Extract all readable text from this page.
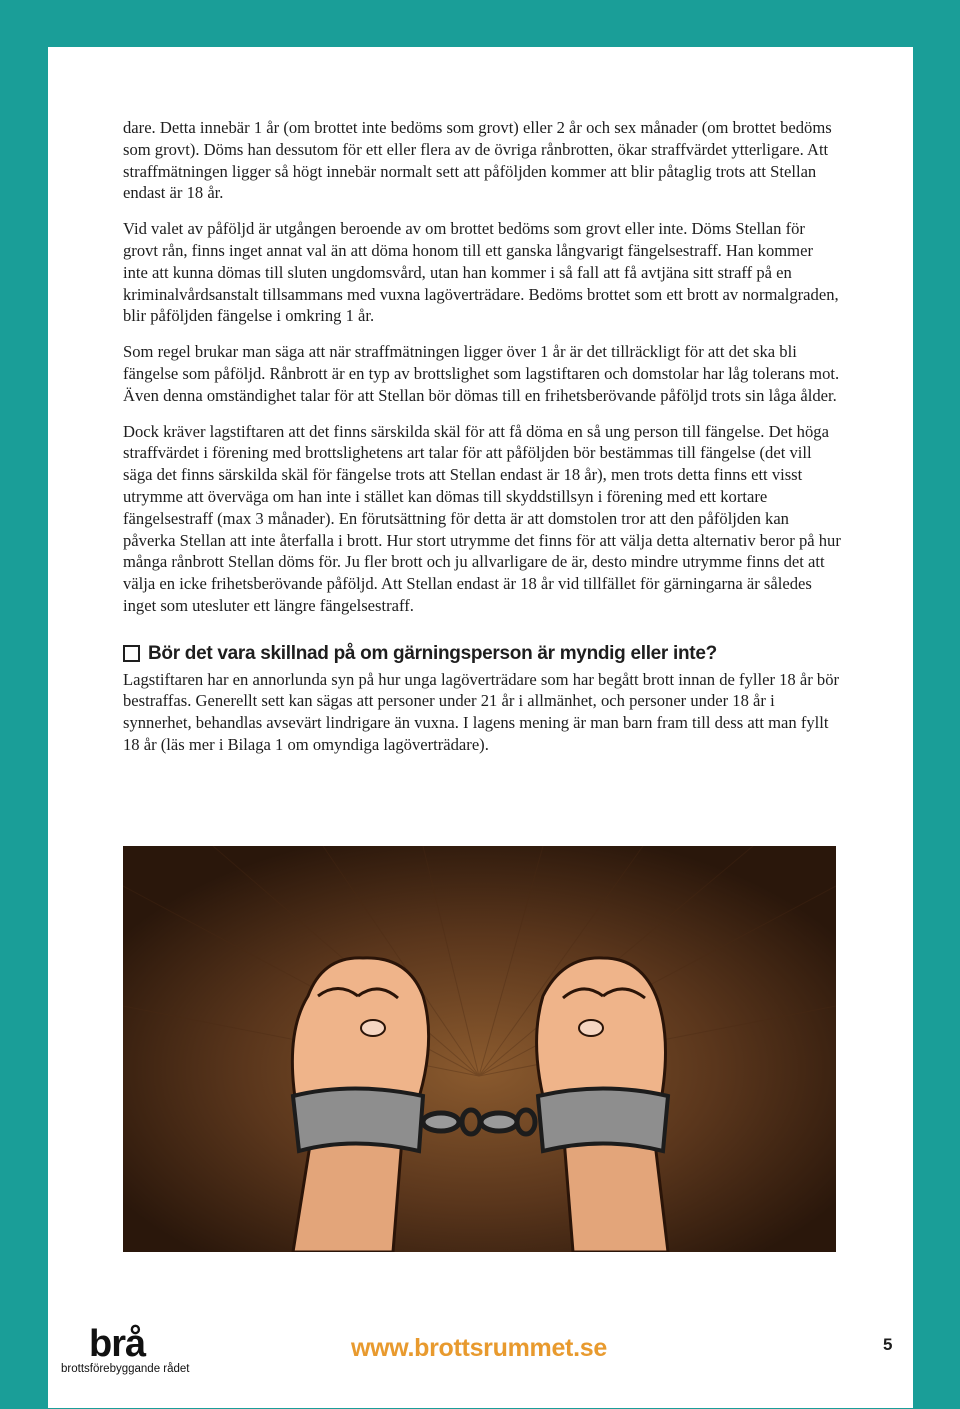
dare. Detta innebär 1 år (om brottet inte bedöms som grovt) eller 2 år och sex månader (om brottet bedöms som grovt). Döms han dessutom för ett eller flera av de övriga rånbrotten, ökar straffvärdet ytterligare. Att straffmätningen ligger så högt innebär normalt sett att påföljden kommer att blir påtaglig trots att Stellan endast är 18 år.

Vid valet av påföljd är utgången beroende av om brottet bedöms som grovt eller inte. Döms Stellan för grovt rån, finns inget annat val än att döma honom till ett ganska långvarigt fängelsestraff. Han kommer inte att kunna dömas till sluten ungdomsvård, utan han kommer i så fall att få avtjäna sitt straff på en kriminalvårdsanstalt tillsammans med vuxna lagöverträdare. Bedöms brottet som ett brott av normalgraden, blir påföljden fängelse i omkring 1 år.

Som regel brukar man säga att när straffmätningen ligger över 1 år är det tillräckligt för att det ska bli fängelse som påföljd. Rånbrott är en typ av brottslighet som lagstiftaren och domstolar har låg tolerans mot. Även denna omständighet talar för att Stellan bör dömas till en frihetsberövande påföljd trots sin låga ålder.

Dock kräver lagstiftaren att det finns särskilda skäl för att få döma en så ung person till fängelse. Det höga straffvärdet i förening med brottslighetens art talar för att påföljden bör bestämmas till fängelse (det vill säga det finns särskilda skäl för fängelse trots att Stellan endast är 18 år), men trots detta finns ett visst utrymme att överväga om han inte i stället kan dömas till skyddstillsyn i förening med ett kortare fängelsestraff (max 3 månader). En förutsättning för detta är att domstolen tror att den påföljden kan påverka Stellan att inte återfalla i brott. Hur stort utrymme det finns för att välja detta alternativ beror på hur många rånbrott Stellan döms för. Ju fler brott och ju allvarligare de är, desto mindre utrymme finns det att välja en icke frihetsberövande påföljd. Att Stellan endast är 18 år vid tillfället för gärningarna är således inget som utesluter ett längre fängelsestraff.

Bör det vara skillnad på om gärningsperson är myndig eller inte?

Lagstiftaren har en annorlunda syn på hur unga lagöverträdare som har begått brott innan de fyller 18 år bör bestraffas. Generellt sett kan sägas att personer under 21 år i allmänhet, och personer under 18 år i synnerhet, behandlas avsevärt lindrigare än vuxna. I lagens mening är man barn fram till dess att man fyllt 18 år (läs mer i Bilaga 1 om omyndiga lagöverträdare).

brå
brottsförebyggande rådet
www.brottsrummet.se	5
